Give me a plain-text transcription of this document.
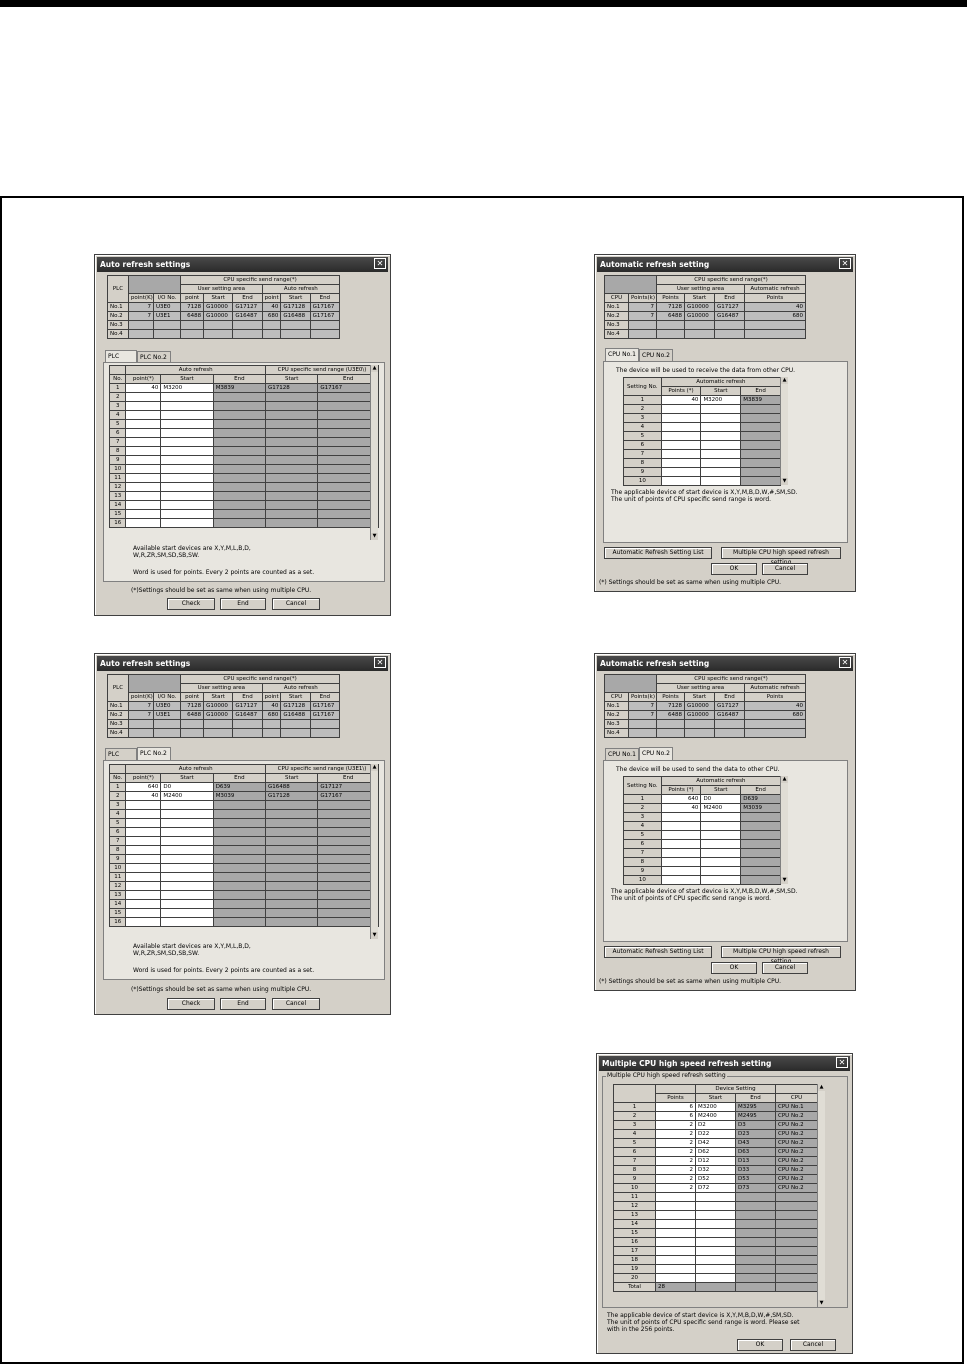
Auto refresh settings	✕
PLC			CPU specific send range(*)					
			User setting area			Auto refresh		
	point(K)	I/O No.	point	Start	End	point	Start	End
No.1	7	U3E0	7128	G10000	G17127	40	G17128	G17167
No.2	7	U3E1	6488	G10000	G16487	680	G16488	G17167
No.3								
No.4								
PLC	PLC No.2
	Auto refresh			CPU specific send range (U3E0\)	
No.	point(*)	Start	End	Start	End
1	40	M3200	M3839	G17128	G17167
2					
3					
4					
5					
6					
7					
8					
9					
10					
11					
12					
13					
14					
15					
16					
▲
▼
Available start devices are X,Y,M,L,B,D,
W,R,ZR,SM,SD,SB,SW.
Word is used for points. Every 2 points are counted as a set.
(*)Settings should be set as same when using multiple CPU.
Check	End	Cancel
Auto refresh settings	✕
PLC			CPU specific send range(*)					
			User setting area			Auto refresh		
	point(K)	I/O No.	point	Start	End	point	Start	End
No.1	7	U3E0	7128	G10000	G17127	40	G17128	G17167
No.2	7	U3E1	6488	G10000	G16487	680	G16488	G17167
No.3								
No.4								
PLC	PLC No.2
	Auto refresh			CPU specific send range (U3E1\)	
No.	point(*)	Start	End	Start	End
1	640	D0	D639	G16488	G17127
2	40	M2400	M3039	G17128	G17167
3					
4					
5					
6					
7					
8					
9					
10					
11					
12					
13					
14					
15					
16					
▲
▼
Available start devices are X,Y,M,L,B,D,
W,R,ZR,SM,SD,SB,SW.
Word is used for points. Every 2 points are counted as a set.
(*)Settings should be set as same when using multiple CPU.
Check	End	Cancel
Automatic refresh setting	✕
		CPU specific send range(*)			
		User setting area			Automatic refresh
CPU	Points(k)	Points	Start	End	Points
No.1	7	7128	G10000	G17127	40
No.2	7	6488	G10000	G16487	680
No.3					
No.4					
CPU No.1	CPU No.2
The device will be used to receive the data from other CPU.
Setting No.	Automatic refresh		
	Points (*)	Start	End
1	40	M3200	M3839
2			
3			
4			
5			
6			
7			
8			
9			
10			
▲
▼
The applicable device of start device is X,Y,M,B,D,W,#,SM,SD.
The unit of points of CPU specific send range is word.
Automatic Refresh Setting List	Multiple CPU high speed refresh
OK	Cancel
(*) Settings should be set as same when using multiple CPU.
Automatic refresh setting	✕
		CPU specific send range(*)			
		User setting area			Automatic refresh
CPU	Points(k)	Points	Start	End	Points
No.1	7	7128	G10000	G17127	40
No.2	7	6488	G10000	G16487	680
No.3					
No.4					
CPU No.1	CPU No.2
The device will be used to send the data to other CPU.
Setting No.	Automatic refresh		
	Points (*)	Start	End
1	640	D0	D639
2	40	M2400	M3039
3			
4			
5			
6			
7			
8			
9			
10			
▲
▼
The applicable device of start device is X,Y,M,B,D,W,#,SM,SD.
The unit of points of CPU specific send range is word.
Automatic Refresh Setting List	Multiple CPU high speed refresh
OK	Cancel
(*) Settings should be set as same when using multiple CPU.
Multiple CPU high speed refresh setting	✕
Multiple CPU high speed refresh setting
		Device Setting		
	Points	Start	End	CPU
1	6	M3200	M3295	CPU No.1
2	6	M2400	M2495	CPU No.2
3	2	D2	D3	CPU No.2
4	2	D22	D23	CPU No.2
5	2	D42	D43	CPU No.2
6	2	D62	D63	CPU No.2
7	2	D12	D13	CPU No.2
8	2	D32	D33	CPU No.2
9	2	D52	D53	CPU No.2
10	2	D72	D73	CPU No.2
11				
12				
13				
14				
15				
16				
17				
18				
19				
20				
Total	28			
▲
▼
The applicable device of start device is X,Y,M,B,D,W,#,SM,SD.
The unit of points of CPU specific send range is word. Please set
with in the 256 points.
OK	Cancel
